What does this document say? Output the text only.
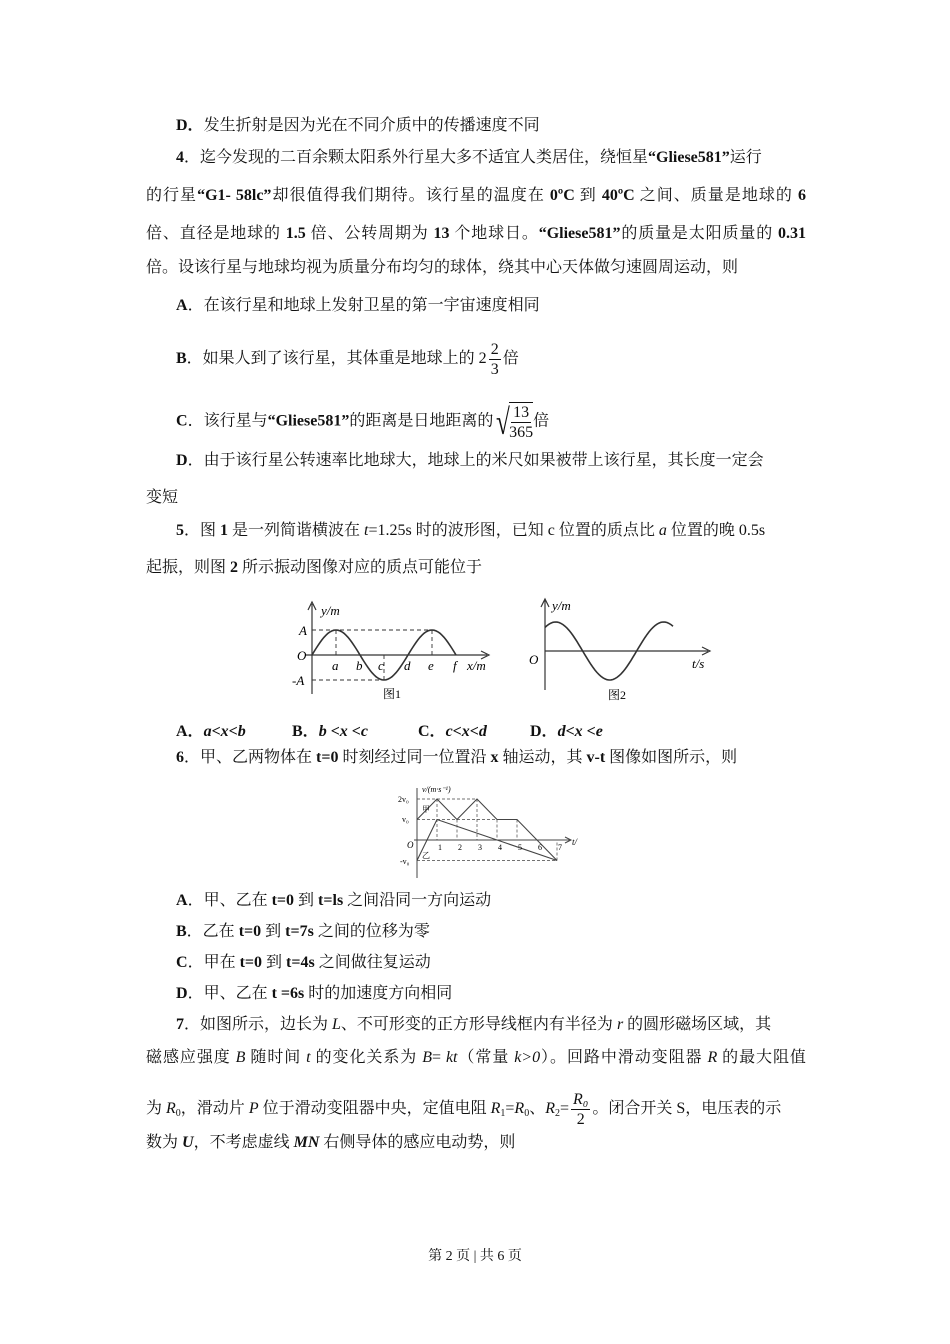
D．发生折射是因为光在不同介质中的传播速度不同
4．迄今发现的二百余颗太阳系外行星大多不适宜人类居住，绕恒星“Gliese581”运行
的行星“G1- 58lc”却很值得我们期待。该行星的温度在 0ºC 到 40ºC 之间、质量是地球的 6
倍、直径是地球的 1.5 倍、公转周期为 13 个地球日。“Gliese581”的质量是太阳质量的 0.31
倍。设该行星与地球均视为质量分布均匀的球体，绕其中心天体做匀速圆周运动，则
A．在该行星和地球上发射卫星的第一宇宙速度相同
B．如果人到了该行星，其体重是地球上的 $2 \frac{2}{3}$ 倍
C．该行星与“Gliese581”的距离是日地距离的 √
$\frac{13}{365}$ 倍
D．由于该行星公转速率比地球大，地球上的米尺如果被带上该行星，其长度一定会
变短
5．图 1 是一列简谐横波在 t=1.25s 时的波形图，已知 c 位置的质点比 a 位置的晚 0.5s
起振，则图 2 所示振动图像对应的质点可能位于
6．甲、乙两物体在 t=0 时刻经过同一位置沿 x 轴运动，其 v-t 图像如图所示，则
A．甲、乙在 t=0 到 t=ls 之间沿同一方向运动
B．乙在 t=0 到 t=7s 之间的位移为零
C．甲在 t=0 到 t=4s 之间做往复运动
D．甲、乙在 t =6s 时的加速度方向相同
7．如图所示，边长为 L、不可形变的正方形导线框内有半径为 r 的圆形磁场区域，其
磁感应强度 B 随时间 t 的变化关系为 B= kt（常量 k>0）。回路中滑动变阻器 R 的最大阻值
为 $R_0$，滑动片 P 位于滑动变阻器中央，定值电阻 $R_1=R_0$、$R_2= \frac{\text{R₀}}{2}$ 。闭合开关 S，电压表的示
数为 U，不考虑虚线 MN 右侧导体的感应电动势，则
A．a<x<b	B．b <x <c	C．c<x<d	D．d<x <e
y/m
A
O
-A
a b c d e f x/m
图1
y/m
O	t/s
图2
v/(m·s⁻¹)
2v₀
v₀
-v₀
O	t/
甲
乙
1 2 3 4 5 6 7
第 2 页 | 共 6 页
